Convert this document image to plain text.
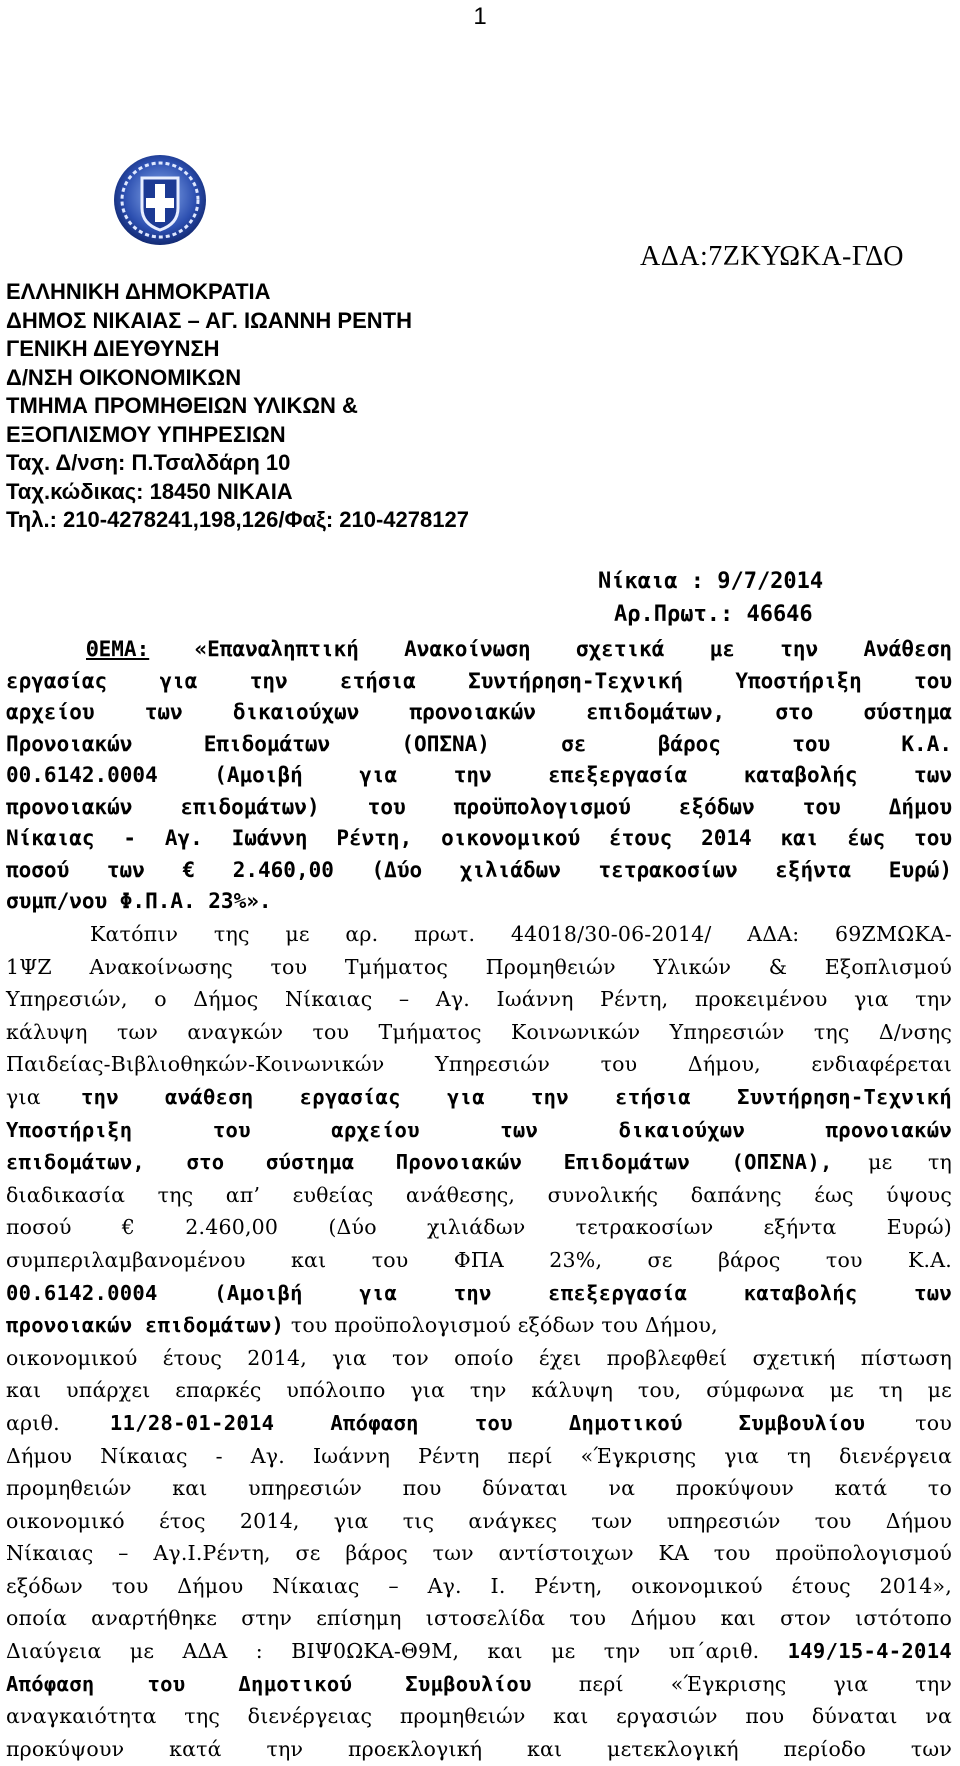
1
ΑΔΑ:7ΖΚΥΩΚΑ-ΓΔΟ
ΕΛΛΗΝΙΚΗ ΔΗΜΟΚΡΑΤΙΑ
ΔΗΜΟΣ ΝΙΚΑΙΑΣ – ΑΓ. ΙΩΑΝΝΗ ΡΕΝΤΗ
ΓΕΝΙΚΗ ΔΙΕΥΘΥΝΣΗ
Δ/ΝΣΗ ΟΙΚΟΝΟΜΙΚΩΝ
ΤΜΗΜΑ ΠΡΟΜΗΘΕΙΩΝ ΥΛΙΚΩΝ &
ΕΞΟΠΛΙΣΜΟΥ ΥΠΗΡΕΣΙΩΝ
Ταχ. Δ/νση: Π.Τσαλδάρη 10
Ταχ.κώδικας: 18450 ΝΙΚΑΙΑ
Τηλ.: 210-4278241,198,126/Φαξ: 210-4278127
Νίκαια : 9/7/2014
Αρ.Πρωτ.: 46646
ΘΕΜΑ: «Επαναληπτική Ανακοίνωση σχετικά με την Ανάθεση
εργασίας για την ετήσια Συντήρηση-Τεχνική Υποστήριξη του
αρχείου των δικαιούχων προνοιακών επιδομάτων, στο σύστημα
Προνοιακών Επιδομάτων (ΟΠΣΝΑ) σε βάρος του Κ.Α.
00.6142.0004 (Αμοιβή για την επεξεργασία καταβολής των
προνοιακών επιδομάτων) του προϋπολογισμού εξόδων του Δήμου
Νίκαιας - Αγ. Ιωάννη Ρέντη, οικονομικού έτους 2014 και έως του
ποσού των € 2.460,00 (Δύο χιλιάδων τετρακοσίων εξήντα Ευρώ)
συμπ/νου Φ.Π.Α. 23%».
Κατόπιν της με αρ. πρωτ. 44018/30-06-2014/ ΑΔΑ: 69ΖΜΩΚΑ-
1ΨΖ Ανακοίνωσης του Τμήματος Προμηθειών Υλικών & Εξοπλισμού
Υπηρεσιών, ο Δήμος Νίκαιας – Αγ. Ιωάννη Ρέντη, προκειμένου για την
κάλυψη των αναγκών του Τμήματος Κοινωνικών Υπηρεσιών της Δ/νσης
Παιδείας-Βιβλιοθηκών-Κοινωνικών Υπηρεσιών του Δήμου, ενδιαφέρεται
για την ανάθεση εργασίας για την ετήσια Συντήρηση-Τεχνική
Υποστήριξη του αρχείου των δικαιούχων προνοιακών
επιδομάτων, στο σύστημα Προνοιακών Επιδομάτων (ΟΠΣΝΑ), με τη
διαδικασία της απ’ ευθείας ανάθεσης, συνολικής δαπάνης έως ύψους
ποσού € 2.460,00 (Δύο χιλιάδων τετρακοσίων εξήντα Ευρώ)
συμπεριλαμβανομένου και του ΦΠΑ 23%, σε βάρος του Κ.Α.
00.6142.0004 (Αμοιβή για την επεξεργασία καταβολής των
προνοιακών επιδομάτων) του προϋπολογισμού εξόδων του Δήμου,
οικονομικού έτους 2014, για τον οποίο έχει προβλεφθεί σχετική πίστωση
και υπάρχει επαρκές υπόλοιπο για την κάλυψη του, σύμφωνα με τη με
αριθ. 11/28-01-2014 Απόφαση του Δημοτικού Συμβουλίου του
Δήμου Νίκαιας - Αγ. Ιωάννη Ρέντη περί «Έγκρισης για τη διενέργεια
προμηθειών και υπηρεσιών που δύναται να προκύψουν κατά το
οικονομικό έτος 2014, για τις ανάγκες των υπηρεσιών του Δήμου
Νίκαιας – Αγ.Ι.Ρέντη, σε βάρος των αντίστοιχων ΚΑ του προϋπολογισμού
εξόδων του Δήμου Νίκαιας – Αγ. Ι. Ρέντη, οικονομικού έτους 2014»,
οποία αναρτήθηκε στην επίσημη ιστοσελίδα του Δήμου και στον ιστότοπο
Διαύγεια με ΑΔΑ : ΒΙΨ0ΩΚΑ-Θ9Μ, και με την υπ΄αριθ. 149/15-4-2014
Απόφαση του Δημοτικού Συμβουλίου περί «Έγκρισης για την
αναγκαιότητα της διενέργειας προμηθειών και εργασιών που δύναται να
προκύψουν κατά την προεκλογική και μετεκλογική περίοδο των
